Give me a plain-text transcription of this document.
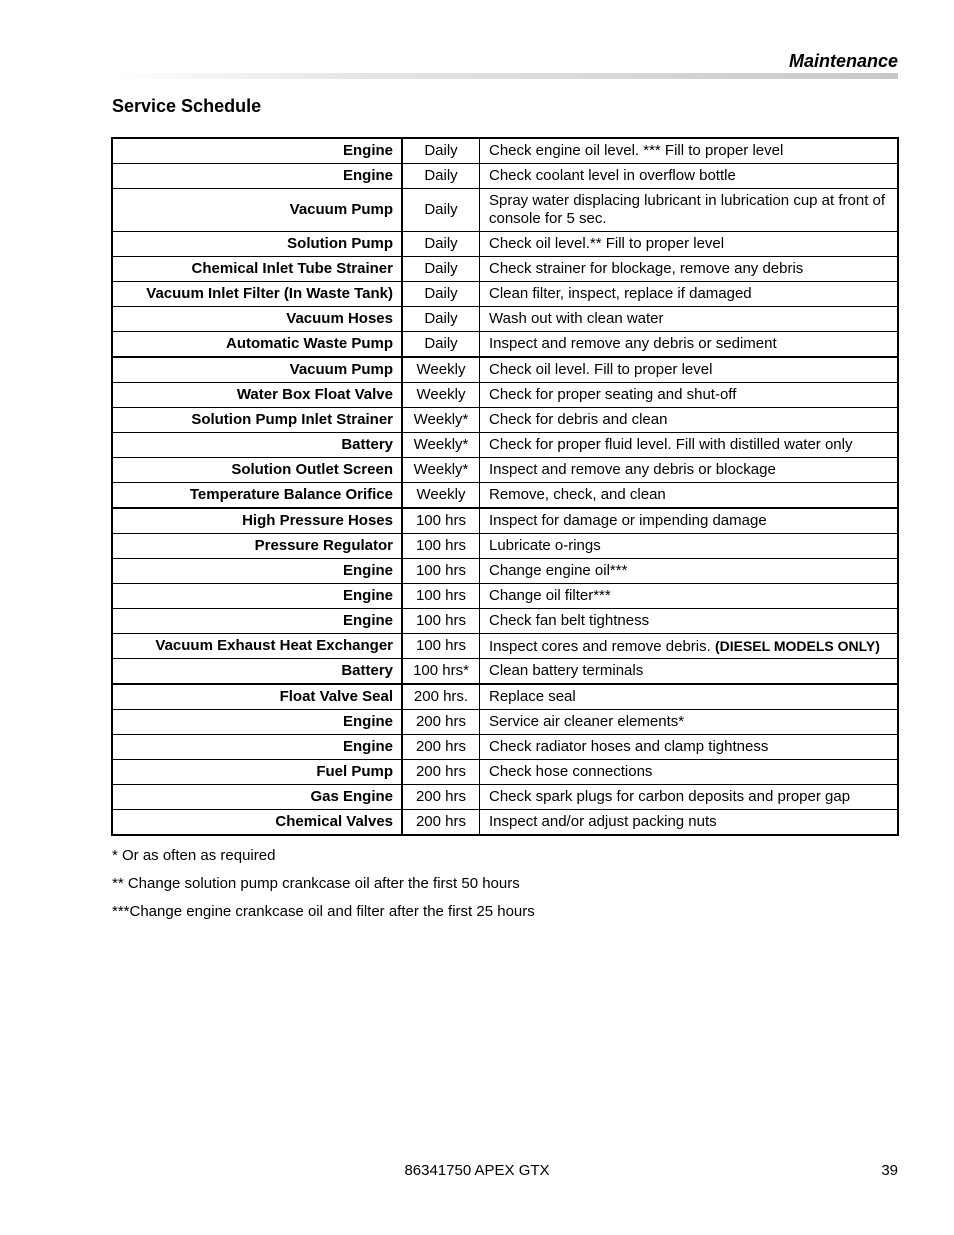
Maintenance
Service Schedule
Engine	Daily	Check engine oil level. *** Fill to proper level
Engine	Daily	Check coolant level in overflow bottle
Vacuum Pump	Daily	Spray water displacing lubricant in lubrication cup at front of console for 5 sec.
Solution Pump	Daily	Check oil level.** Fill to proper level
Chemical Inlet Tube Strainer	Daily	Check strainer for blockage, remove any debris
Vacuum Inlet Filter (In Waste Tank)	Daily	Clean filter, inspect, replace if damaged
Vacuum Hoses	Daily	Wash out with clean water
Automatic Waste Pump	Daily	Inspect and remove any debris or sediment
Vacuum Pump	Weekly	Check oil level. Fill to proper level
Water Box Float Valve	Weekly	Check for proper seating and shut-off
Solution Pump Inlet Strainer	Weekly*	Check for debris and clean
Battery	Weekly*	Check for proper fluid level. Fill with distilled water only
Solution Outlet Screen	Weekly*	Inspect and remove any debris or blockage
Temperature Balance Orifice	Weekly	Remove, check, and clean
High Pressure Hoses	100 hrs	Inspect for damage or impending damage
Pressure Regulator	100 hrs	Lubricate o-rings
Engine	100 hrs	Change engine oil***
Engine	100 hrs	Change oil filter***
Engine	100 hrs	Check fan belt tightness
Vacuum Exhaust Heat Exchanger	100 hrs	Inspect cores and remove debris. (DIESEL MODELS ONLY)
Battery	100 hrs*	Clean battery terminals
Float Valve Seal	200 hrs.	Replace seal
Engine	200 hrs	Service air cleaner elements*
Engine	200 hrs	Check radiator hoses and clamp tightness
Fuel Pump	200 hrs	Check hose connections
Gas Engine	200 hrs	Check spark plugs for carbon deposits and proper gap
Chemical Valves	200 hrs	Inspect and/or adjust packing nuts

* Or as often as required

** Change solution pump crankcase oil after the first 50 hours

***Change engine crankcase oil and filter after the first 25 hours

86341750 APEX GTX	39
